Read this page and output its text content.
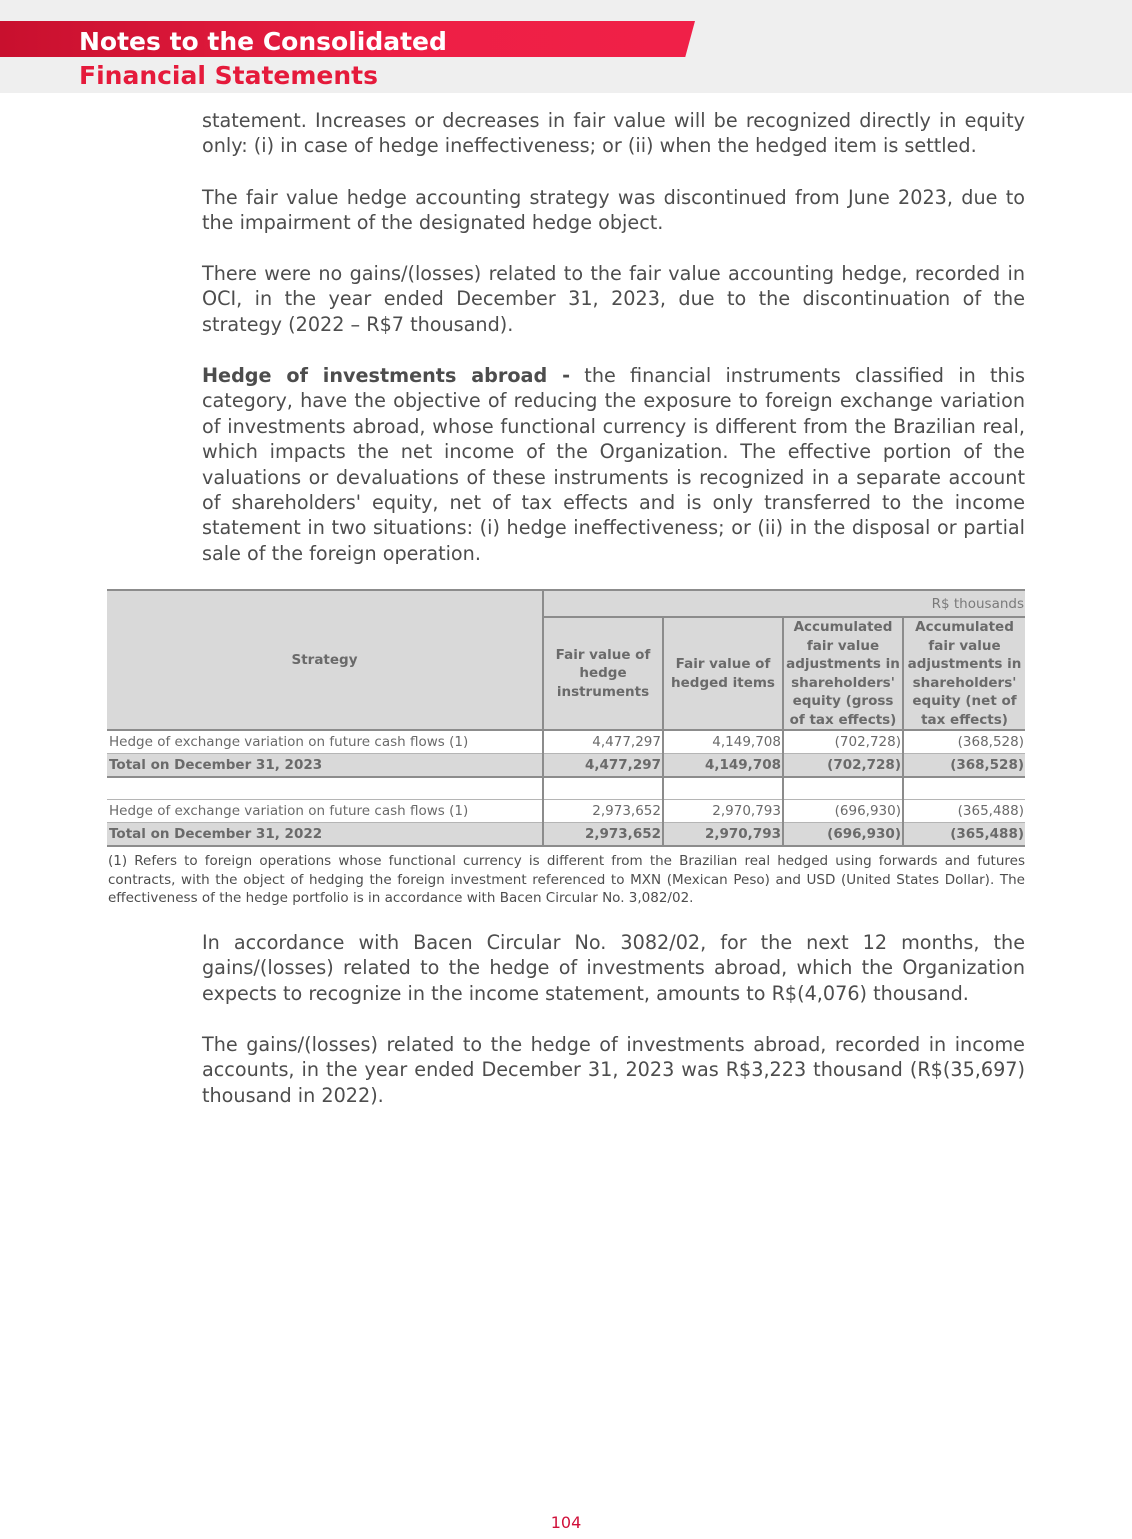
Notes to the Consolidated
Financial Statements
statement. Increases or decreases in fair value will be recognized directly in equity only: (i) in case of hedge ineffectiveness; or (ii) when the hedged item is settled.
The fair value hedge accounting strategy was discontinued from June 2023, due to the impairment of the designated hedge object.
There were no gains/(losses) related to the fair value accounting hedge, recorded in OCI, in the year ended December 31, 2023, due to the discontinuation of the strategy (2022 – R$7 thousand).
Hedge of investments abroad - the financial instruments classified in this category, have the objective of reducing the exposure to foreign exchange variation of investments abroad, whose functional currency is different from the Brazilian real, which impacts the net income of the Organization. The effective portion of the valuations or devaluations of these instruments is recognized in a separate account of shareholders' equity, net of tax effects and is only transferred to the income statement in two situations: (i) hedge ineffectiveness; or (ii) in the disposal or partial sale of the foreign operation.
Strategy	R$ thousands			
	Fair value of hedge instruments	Fair value of hedged items	Accumulated fair value adjustments in shareholders' equity (gross of tax effects)	Accumulated fair value adjustments in shareholders' equity (net of tax effects)
Hedge of exchange variation on future cash flows (1)	4,477,297	4,149,708	(702,728)	(368,528)
Total on December 31, 2023	4,477,297	4,149,708	(702,728)	(368,528)

Hedge of exchange variation on future cash flows (1)	2,973,652	2,970,793	(696,930)	(365,488)
Total on December 31, 2022	2,973,652	2,970,793	(696,930)	(365,488)
(1) Refers to foreign operations whose functional currency is different from the Brazilian real hedged using forwards and futures contracts, with the object of hedging the foreign investment referenced to MXN (Mexican Peso) and USD (United States Dollar). The effectiveness of the hedge portfolio is in accordance with Bacen Circular No. 3,082/02.
In accordance with Bacen Circular No. 3082/02, for the next 12 months, the gains/(losses) related to the hedge of investments abroad, which the Organization expects to recognize in the income statement, amounts to R$(4,076) thousand.
The gains/(losses) related to the hedge of investments abroad, recorded in income accounts, in the year ended December 31, 2023 was R$3,223 thousand (R$(35,697) thousand in 2022).
104
